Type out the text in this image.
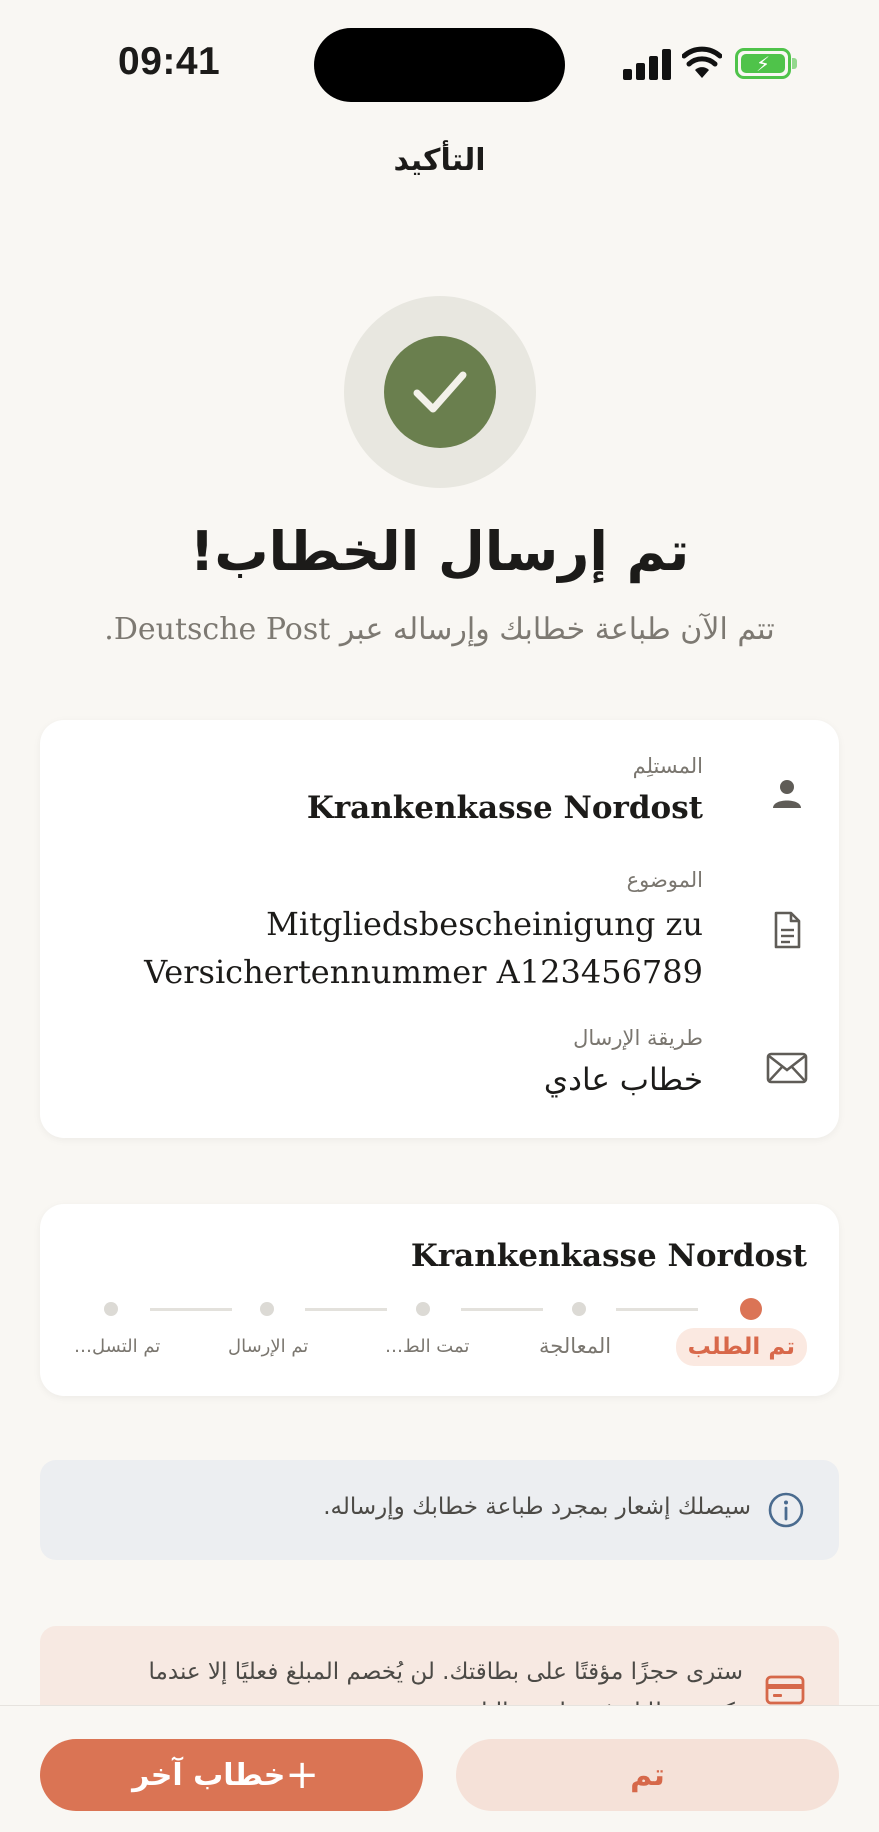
09:41	⚡
التأكيد
تم إرسال الخطاب!
تتم الآن طباعة خطابك وإرساله عبر Deutsche Post.
المستلِم
Krankenkasse Nordost
الموضوع
Mitgliedsbescheinigung zu
Versichertennummer A123456789
طريقة الإرسال
خطاب عادي
Krankenkasse Nordost
تم الطلب
المعالجة
تمت الط…
تم الإرسال
تم التسل…
سيصلك إشعار بمجرد طباعة خطابك وإرساله.
سترى حجزًا مؤقتًا على بطاقتك. لن يُخصم المبلغ فعليًا إلا عندما
تم
+
خطاب آخر
